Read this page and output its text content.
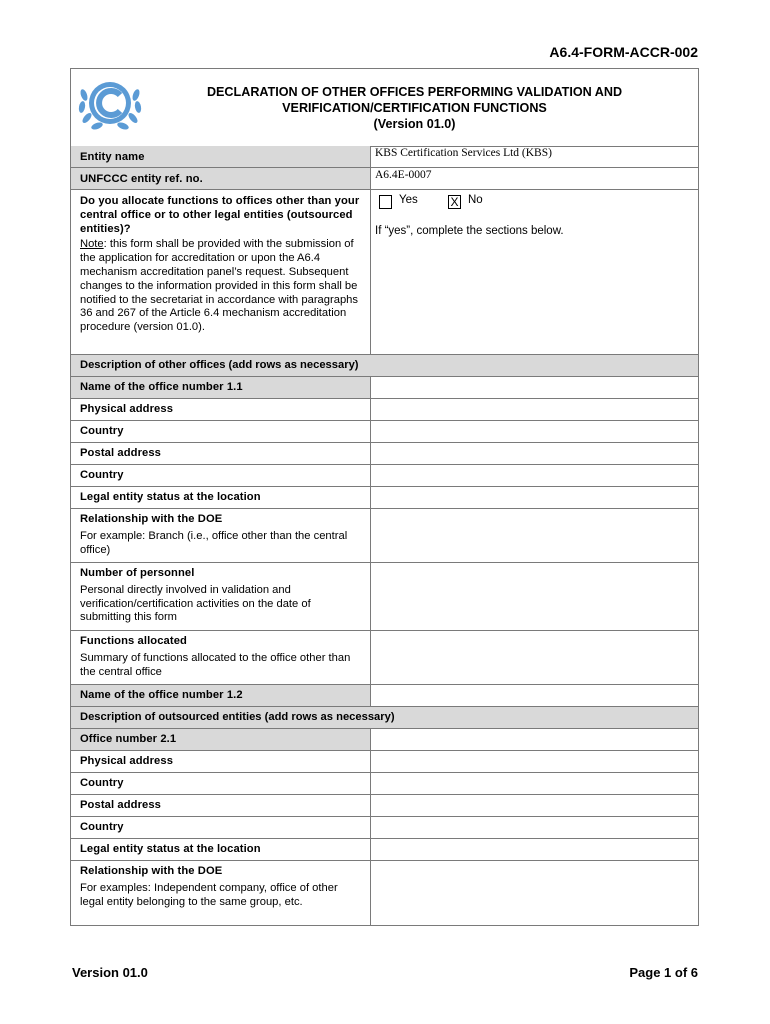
A6.4-FORM-ACCR-002
DECLARATION OF OTHER OFFICES PERFORMING VALIDATION AND
VERIFICATION/CERTIFICATION FUNCTIONS
(Version 01.0)
Entity name	KBS Certification Services Ltd (KBS)
UNFCCC entity ref. no.	A6.4E-0007
Do you allocate functions to offices other than your central office or to other legal entities (outsourced entities)?
Note: this form shall be provided with the submission of the application for accreditation or upon the A6.4 mechanism accreditation panel’s request. Subsequent changes to the information provided in this form shall be notified to the secretariat in accordance with paragraphs 36 and 267 of the Article 6.4 mechanism accreditation procedure (version 01.0).
Yes	X No
If “yes”, complete the sections below.
Description of other offices (add rows as necessary)
Name of the office number 1.1
Physical address
Country
Postal address
Country
Legal entity status at the location
Relationship with the DOE
For example: Branch (i.e., office other than the central office)
Number of personnel
Personal directly involved in validation and verification/certification activities on the date of submitting this form
Functions allocated
Summary of functions allocated to the office other than the central office
Name of the office number 1.2
Description of outsourced entities (add rows as necessary)
Office number 2.1
Physical address
Country
Postal address
Country
Legal entity status at the location
Relationship with the DOE
For examples: Independent company, office of other legal entity belonging to the same group, etc.
Version 01.0	Page 1 of 6
